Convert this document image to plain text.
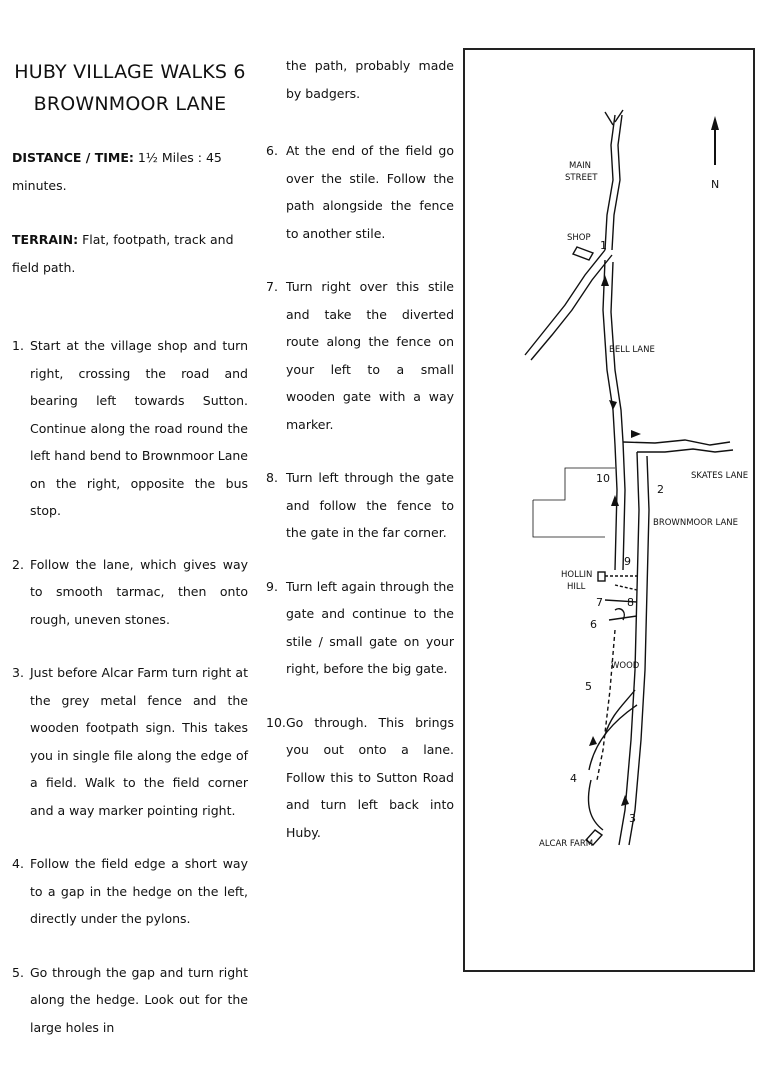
HUBY VILLAGE WALKS 6
BROWNMOOR LANE
DISTANCE / TIME: 1½ Miles : 45 minutes.
TERRAIN: Flat, footpath, track and field path.
1. Start at the village shop and turn right, crossing the road and bearing left towards Sutton. Continue along the road round the left hand bend to Brownmoor Lane on the right, opposite the bus stop.
2. Follow the lane, which gives way to smooth tarmac, then onto rough, uneven stones.
3. Just before Alcar Farm turn right at the grey metal fence and the wooden footpath sign. This takes you in single file along the edge of a field. Walk to the field corner and a way marker pointing right.
4. Follow the field edge a short way to a gap in the hedge on the left, directly under the pylons.
5. Go through the gap and turn right along the hedge. Look out for the large holes in
the path, probably made by badgers.
6. At the end of the field go over the stile. Follow the path alongside the fence to another stile.
7. Turn right over this stile and take the diverted route along the fence on your left to a small wooden gate with a way marker.
8. Turn left through the gate and follow the fence to the gate in the far corner.
9. Turn left again through the gate and continue to the stile / small gate on your right, before the big gate.
10. Go through. This brings you out onto a lane. Follow this to Sutton Road and turn left back into Huby.
N
MAIN
STREET
SHOP
BELL LANE
SKATES LANE
BROWNMOOR LANE
HOLLIN
HILL
WOOD
ALCAR FARM
1
2
3
4
5
6
7 8
9
10
